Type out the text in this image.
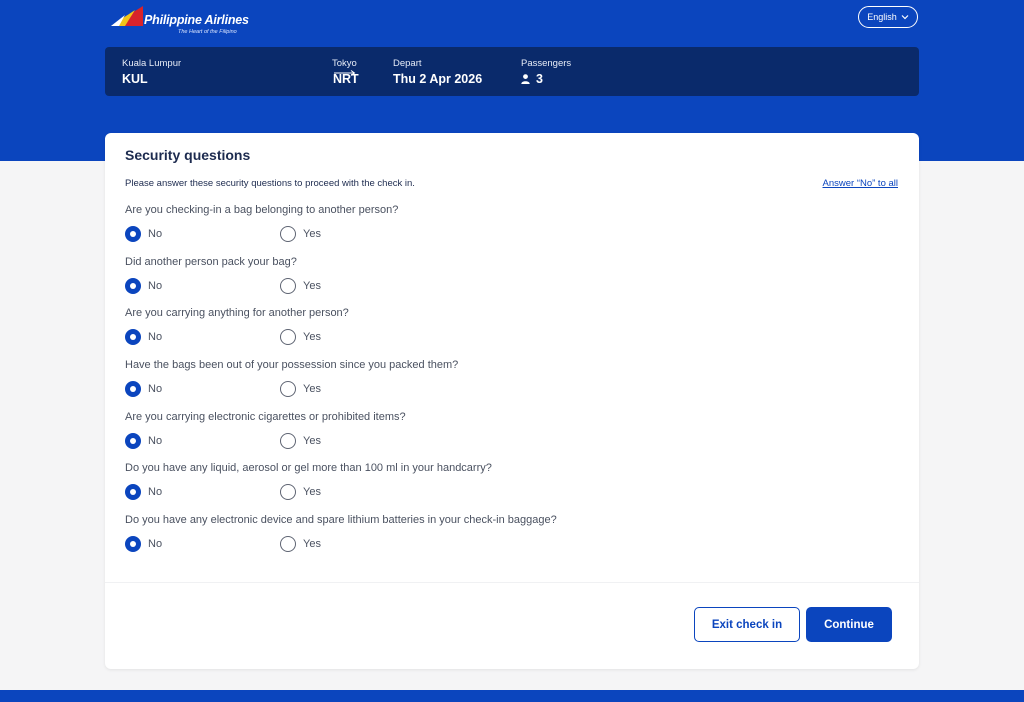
Philippine Airlines
The Heart of the Filipino
English
Kuala Lumpur
KUL
Tokyo
NRT
Depart
Thu 2 Apr 2026
Passengers
3
Security questions
Please answer these security questions to proceed with the check in.	Answer “No” to all
Are you checking-in a bag belonging to another person?
No	Yes
Did another person pack your bag?
No	Yes
Are you carrying anything for another person?
No	Yes
Have the bags been out of your possession since you packed them?
No	Yes
Are you carrying electronic cigarettes or prohibited items?
No	Yes
Do you have any liquid, aerosol or gel more than 100 ml in your handcarry?
No	Yes
Do you have any electronic device and spare lithium batteries in your check-in baggage?
No	Yes
Exit check in	Continue
